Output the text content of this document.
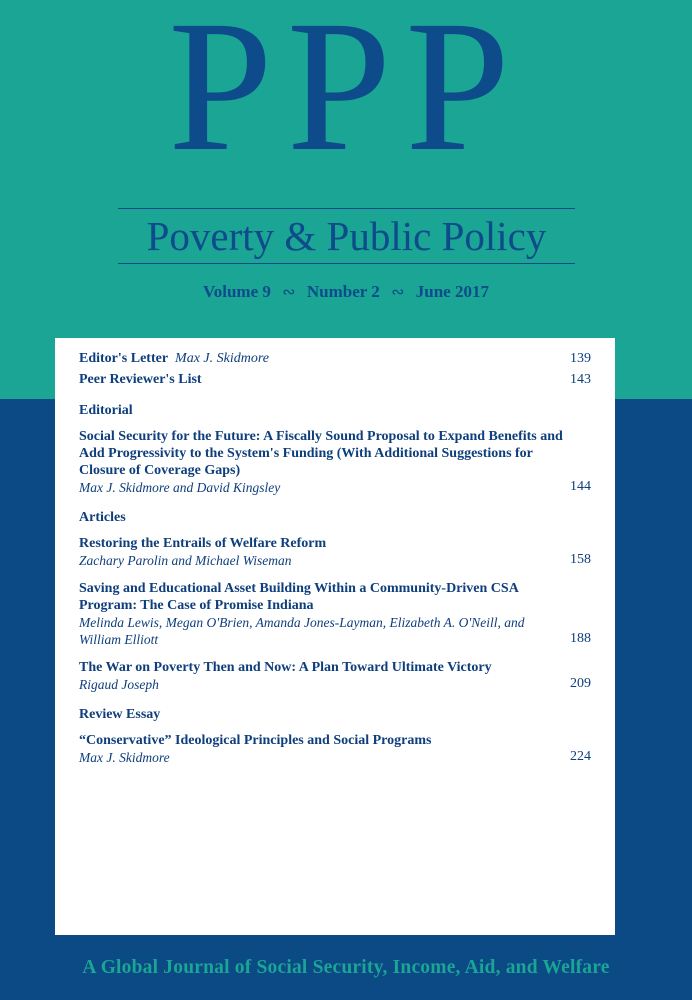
PPP
Poverty & Public Policy
Volume 9 ∾ Number 2 ∾ June 2017
Editor's Letter Max J. Skidmore	139
Peer Reviewer's List	143
Editorial
Social Security for the Future: A Fiscally Sound Proposal to Expand Benefits and Add Progressivity to the System's Funding (With Additional Suggestions for Closure of Coverage Gaps)
Max J. Skidmore and David Kingsley	144
Articles
Restoring the Entrails of Welfare Reform
Zachary Parolin and Michael Wiseman	158
Saving and Educational Asset Building Within a Community-Driven CSA Program: The Case of Promise Indiana
Melinda Lewis, Megan O'Brien, Amanda Jones-Layman, Elizabeth A. O'Neill, and William Elliott	188
The War on Poverty Then and Now: A Plan Toward Ultimate Victory
Rigaud Joseph	209
Review Essay
“Conservative” Ideological Principles and Social Programs
Max J. Skidmore	224
A Global Journal of Social Security, Income, Aid, and Welfare
